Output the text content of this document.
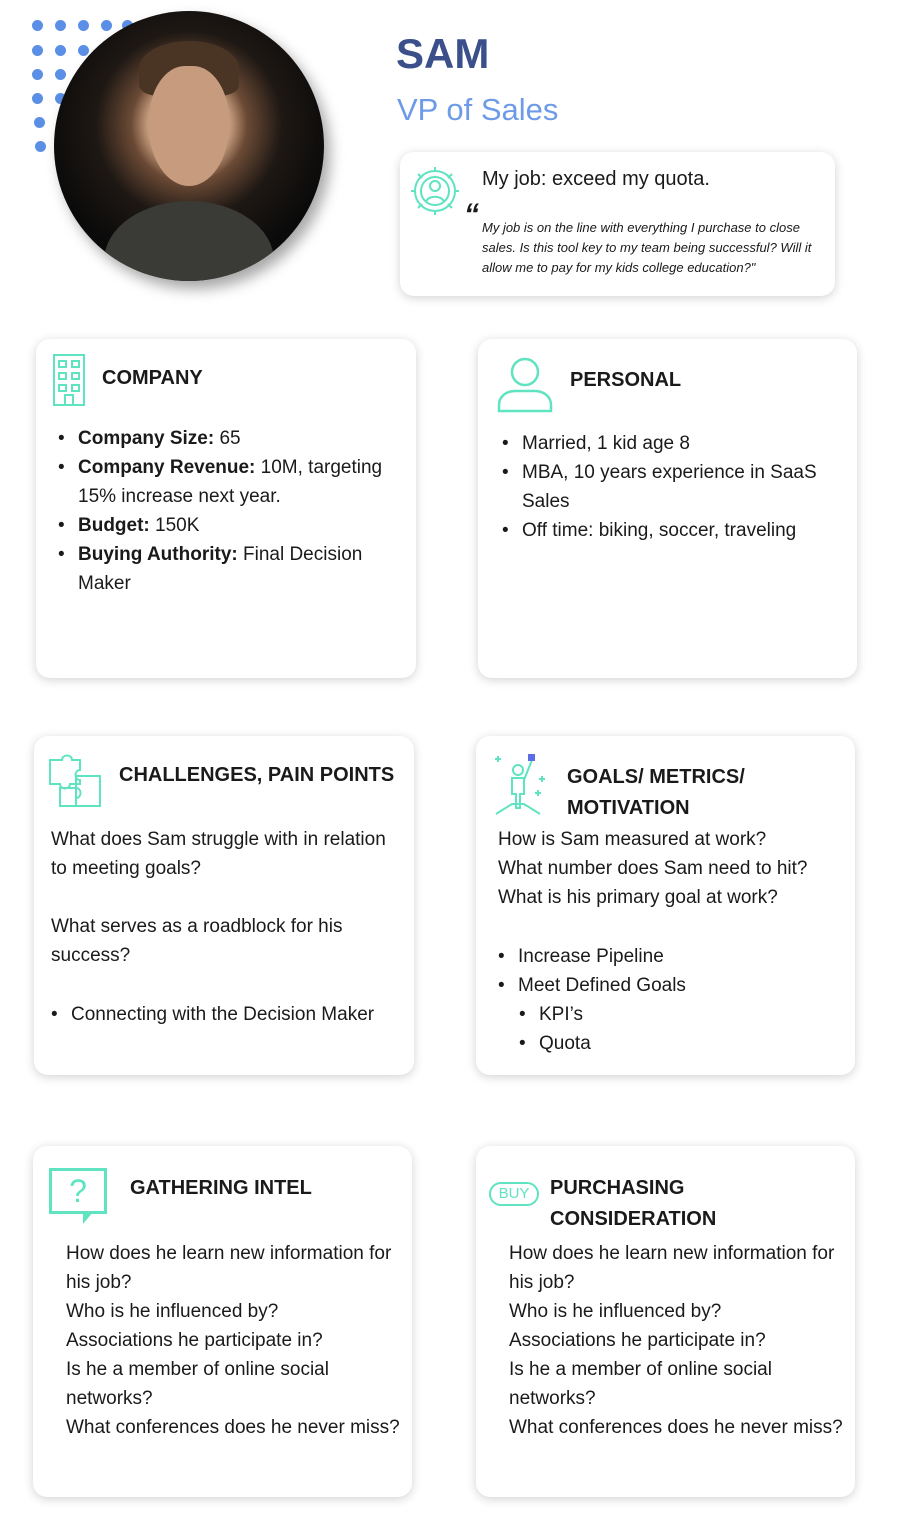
SAM
VP of Sales
My job: exceed my quota.
“ My job is on the line with everything I purchase to close sales. Is this tool key to my team being successful? Will it allow me to pay for my kids college education?"
COMPANY
• Company Size: 65
• Company Revenue: 10M, targeting 15% increase next year.
• Budget: 150K
• Buying Authority: Final Decision Maker
PERSONAL
• Married, 1 kid age 8
• MBA, 10 years experience in SaaS Sales
• Off time: biking, soccer, traveling
CHALLENGES, PAIN POINTS
What does Sam struggle with in relation to meeting goals?
What serves as a roadblock for his success?
• Connecting with the Decision Maker
GOALS/ METRICS/ MOTIVATION
How is Sam measured at work?
What number does Sam need to hit?
What is his primary goal at work?
• Increase Pipeline
• Meet Defined Goals
• KPI’s
• Quota
?	GATHERING INTEL
How does he learn new information for his job?
Who is he influenced by?
Associations he participate in?
Is he a member of online social networks?
What conferences does he never miss?
BUY	PURCHASING CONSIDERATION
How does he learn new information for his job?
Who is he influenced by?
Associations he participate in?
Is he a member of online social networks?
What conferences does he never miss?
